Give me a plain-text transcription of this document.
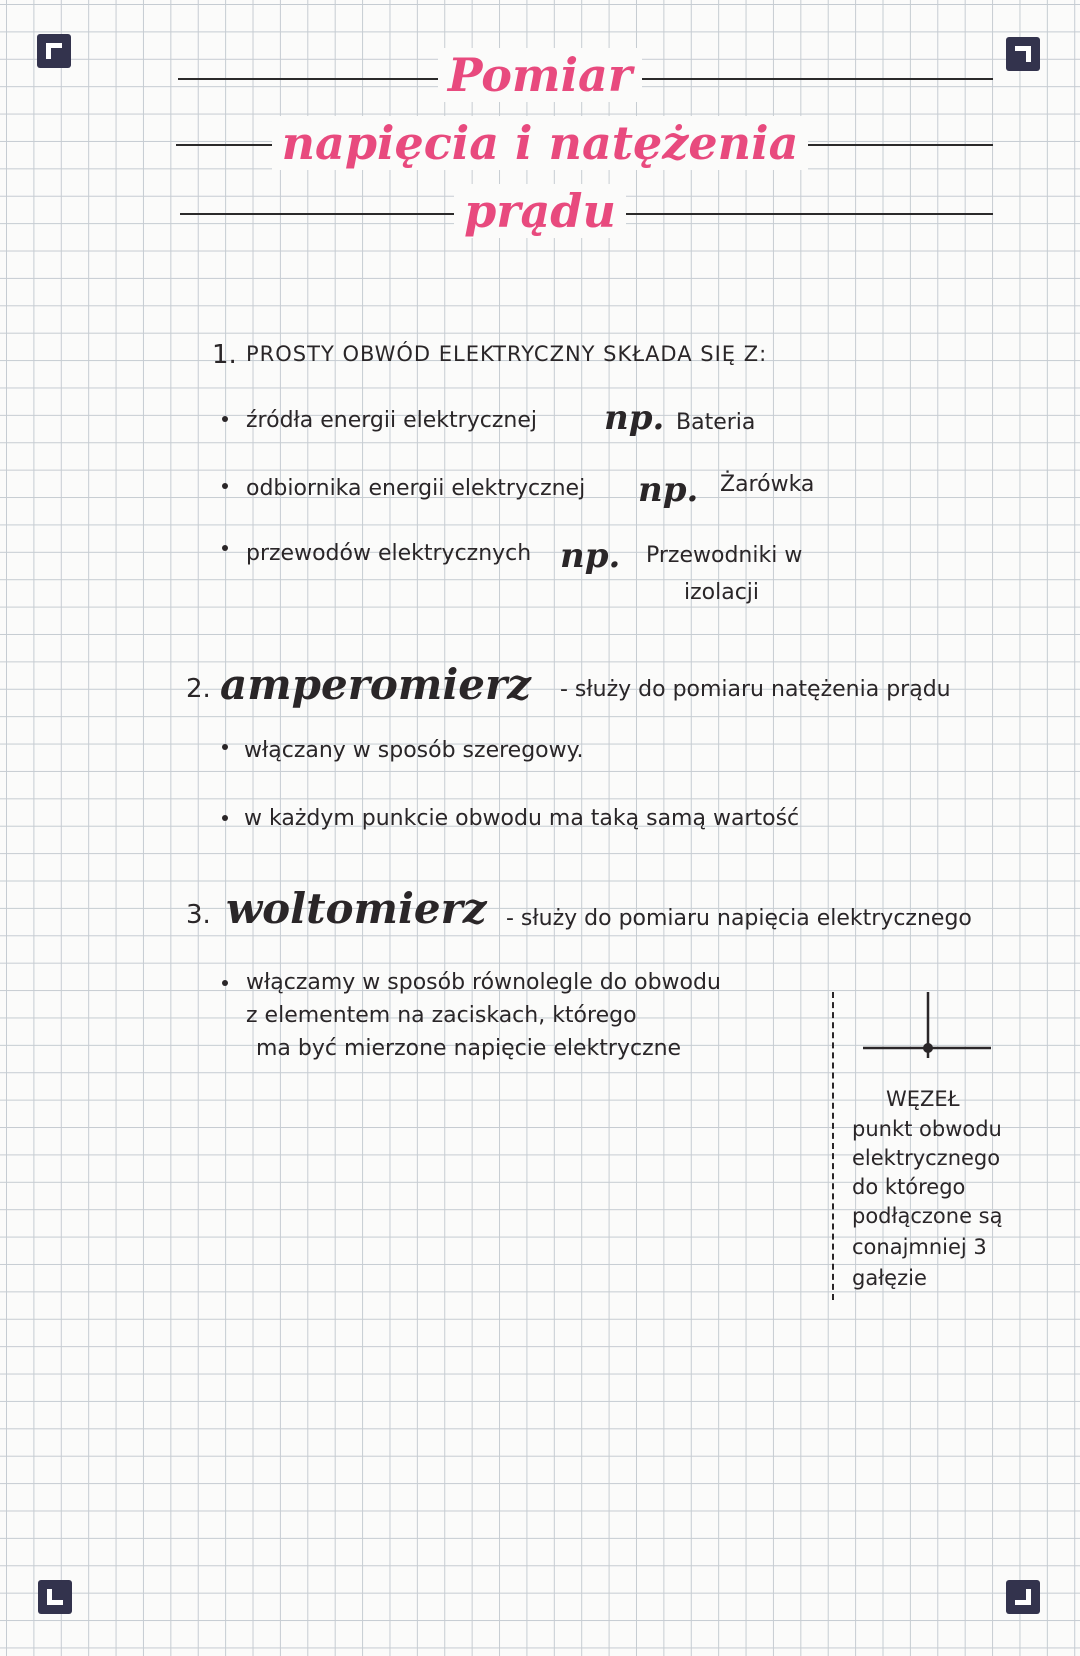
Pomiar
napięcia i natężenia
prądu
1. PROSTY OBWÓD ELEKTRYCZNY SKŁADA SIĘ Z:
źródła energii elektrycznej np. Bateria
odbiornika energii elektrycznej np. Żarówka
przewodów elektrycznych np. Przewodniki w
izolacji
2. amperomierz - służy do pomiaru natężenia prądu
włączany w sposób szeregowy.
w każdym punkcie obwodu ma taką samą wartość
3. woltomierz - służy do pomiaru napięcia elektrycznego
włączamy w sposób równolegle do obwodu
z elementem na zaciskach, którego
ma być mierzone napięcie elektryczne
WĘZEŁ
punkt obwodu
elektrycznego
do którego
podłączone są
conajmniej 3
gałęzie
